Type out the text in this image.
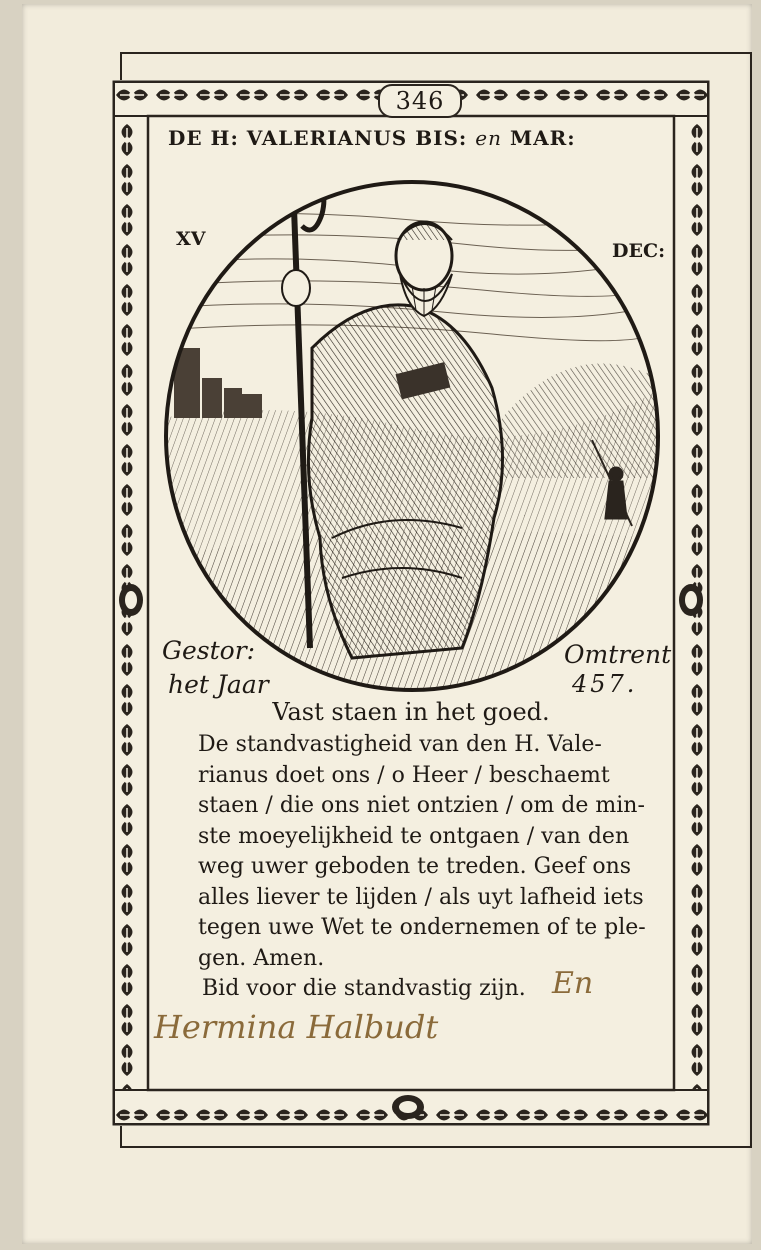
346
DE H: VALERIANUS BIS: en MAR:
XV
DEC:
Gestor:
het Jaar
Omtrent
457.
Vast staen in het goed.
De standvastigheid van den H. Vale-
rianus doet ons / o Heer / beschaemt
staen / die ons niet ontzien / om de min-
ste moeyelijkheid te ontgaen / van den
weg uwer geboden te treden. Geef ons
alles liever te lijden / als uyt lafheid iets
tegen uwe Wet te ondernemen of te ple-
gen. Amen.
Bid voor die standvastig zijn. En
Hermina Halbudt
